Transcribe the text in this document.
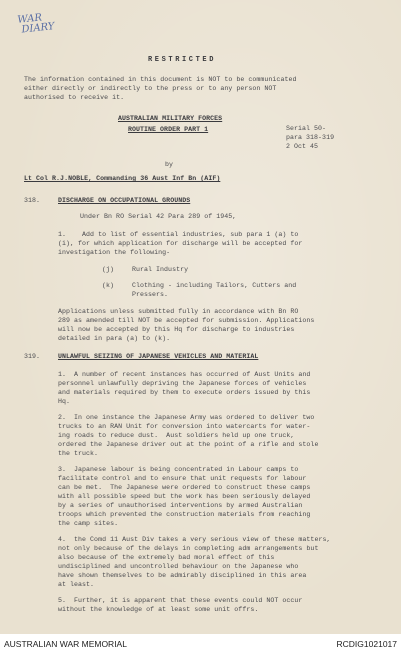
WAR
DIARY
RESTRICTED
The information contained in this document is NOT to be communicated
either directly or indirectly to the press or to any person NOT
authorised to receive it.
AUSTRALIAN MILITARY FORCES
ROUTINE ORDER PART 1	Serial 50-
para 318-319
2 Oct 45
by
Lt Col R.J.NOBLE, Commanding 36 Aust Inf Bn (AIF)
318.	DISCHARGE ON OCCUPATIONAL GROUNDS
Under Bn RO Serial 42 Para 289 of 1945,
1.    Add to list of essential industries, sub para 1 (a) to
(i), for which application for discharge will be accepted for
investigation the following-
(j)	Rural Industry
(k)	Clothing - including Tailors, Cutters and
Pressers.
Applications unless submitted fully in accordance with Bn RO
289 as amended till NOT be accepted for submission. Applications
will now be accepted by this Hq for discharge to industries
detailed in para (a) to (k).
319.	UNLAWFUL SEIZING OF JAPANESE VEHICLES AND MATERIAL
1.  A number of recent instances has occurred of Aust Units and
personnel unlawfully depriving the Japanese forces of vehicles
and materials required by them to execute orders issued by this
Hq.
2.  In one instance the Japanese Army was ordered to deliver two
trucks to an RAN Unit for conversion into watercarts for water-
ing roads to reduce dust.  Aust soldiers held up one truck,
ordered the Japanese driver out at the point of a rifle and stole
the truck.
3.  Japanese labour is being concentrated in Labour camps to
facilitate control and to ensure that unit requests for labour
can be met.  The Japanese were ordered to construct these camps
with all possible speed but the work has been seriously delayed
by a series of unauthorised interventions by armed Australian
troops which prevented the construction materials from reaching
the camp sites.
4.  the Comd 11 Aust Div takes a very serious view of these matters,
not only because of the delays in completing adm arrangements but
also because of the extremely bad moral effect of this
undisciplined and uncontrolled behaviour on the Japanese who
have shown themselves to be admirably disciplined in this area
at least.
5.  Further, it is apparent that these events could NOT occur
without the knowledge of at least some unit offrs.
AUSTRALIAN WAR MEMORIAL	RCDIG1021017
